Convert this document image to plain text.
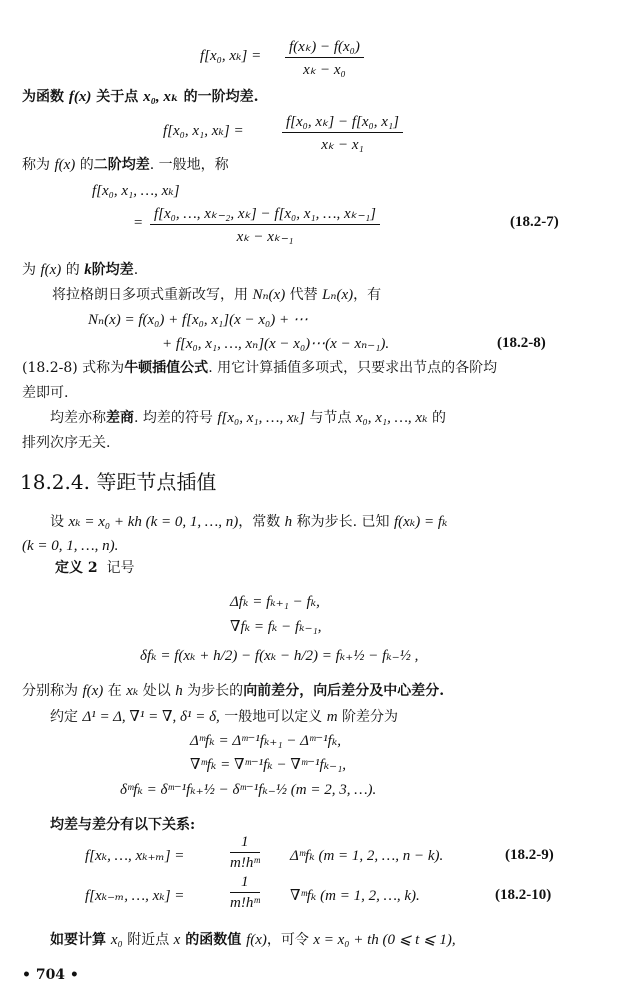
f[x₀, $x_k] = \frac{\text{f(xₖ) − f(x₀)}}{\text{xₖ − x₀}}$
为函数 f(x) 关于点 x₀, xₖ 的一阶均差.
f[x₀, x₁, xₖ] =	$\frac{\text{f[x₀, xₖ] − f[x₀, x₁]}}{\text{xₖ − x₁}}$
称为 f(x) 的二阶均差. 一般地，称
f[x₀, x₁, …, xₖ]
= $\frac{\text{f[x₀, …, xₖ₋₂, xₖ] − f[x₀, x₁, …, xₖ₋₁]}}{\text{xₖ − xₖ₋₁}}$	(18.2-7)
为 f(x) 的 k阶均差.
将拉格朗日多项式重新改写，用 Nₙ(x) 代替 Lₙ(x)，有
Nₙ(x) = f(x₀) + f[x₀, x₁](x − x₀) + ⋯
+ f[x₀, x₁, …, xₙ](x − x₀)⋯(x − xₙ₋₁).	(18.2-8)
(18.2-8) 式称为牛顿插值公式. 用它计算插值多项式，只要求出节点的各阶均
差即可.
均差亦称差商. 均差的符号 f[x₀, x₁, …, xₖ] 与节点 x₀, x₁, …, xₖ 的
排列次序无关.
18.2.4. 等距节点插值
设 xₖ = x₀ + kh (k = 0, 1, …, n)，常数 h 称为步长. 已知 f(xₖ) = fₖ
(k = 0, 1, …, n).
定义 2 记号
Δfₖ = fₖ₊₁ − fₖ,
∇fₖ = fₖ − fₖ₋₁,
δfₖ = f(xₖ + h/2) − f(xₖ − h/2) = fₖ₊½ − fₖ₋½ ,
分别称为 f(x) 在 xₖ 处以 h 为步长的向前差分，向后差分及中心差分.
约定 Δ¹ = Δ, ∇¹ = ∇, δ¹ = δ, 一般地可以定义 m 阶差分为
Δᵐfₖ = Δᵐ⁻¹fₖ₊₁ − Δᵐ⁻¹fₖ,
∇ᵐfₖ = ∇ᵐ⁻¹fₖ − ∇ᵐ⁻¹fₖ₋₁,
δᵐfₖ = δᵐ⁻¹fₖ₊½ − δᵐ⁻¹fₖ₋½ (m = 2, 3, …).
均差与差分有以下关系:
f[xₖ, …, xₖ₊ₘ] =	$\frac{1}{\text{m!hᵐ}}$ Δᵐfₖ (m = 1, 2, …, n − k).	(18.2-9)
f[xₖ₋ₘ, …, xₖ] =	$\frac{1}{\text{m!hᵐ}}$ ∇ᵐfₖ (m = 1, 2, …, k).	(18.2-10)
如要计算 x₀ 附近点 x 的函数值 f(x)，可令 x = x₀ + th (0 ⩽ t ⩽ 1),
• 704 •
